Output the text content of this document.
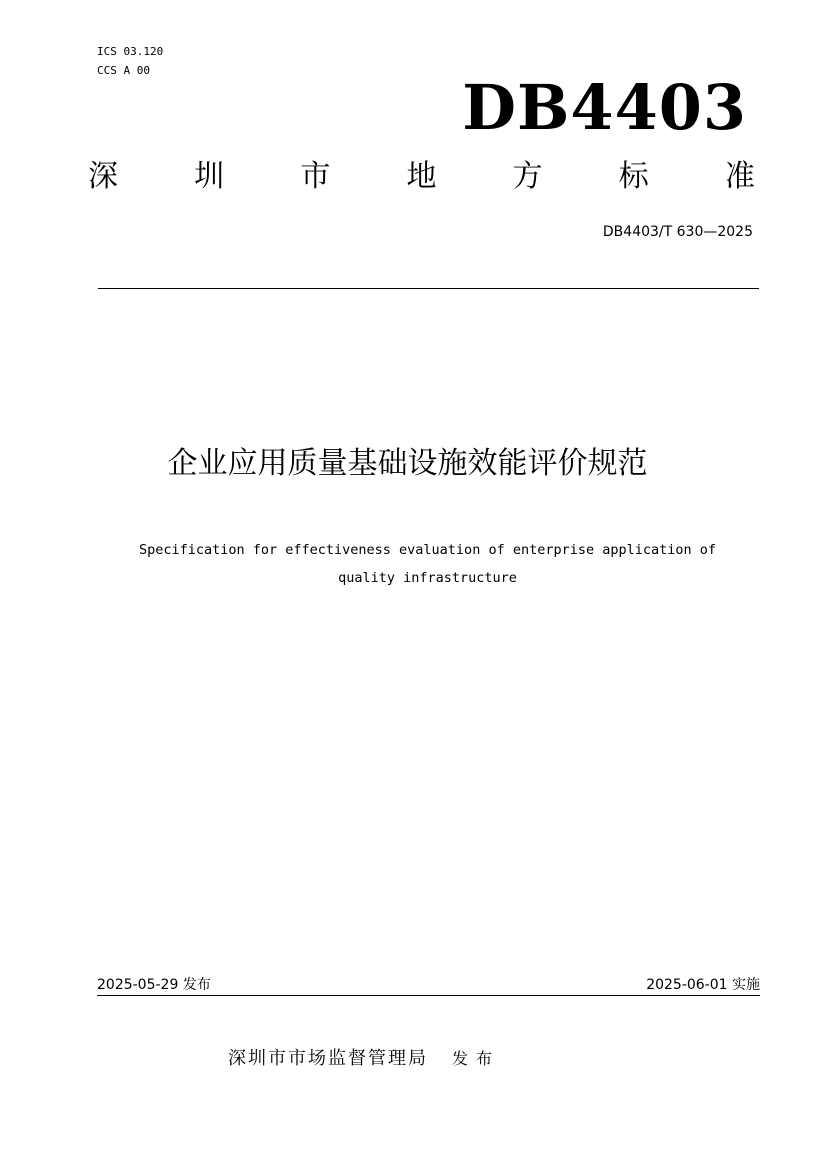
ICS 03.120
CCS A 00
DB4403
深	圳	市	地	方	标	准
DB4403/T 630—2025
企业应用质量基础设施效能评价规范
Specification for effectiveness evaluation of enterprise application of
quality infrastructure
2025-05-29 发布	2025-06-01 实施
深圳市市场监督管理局 发布
